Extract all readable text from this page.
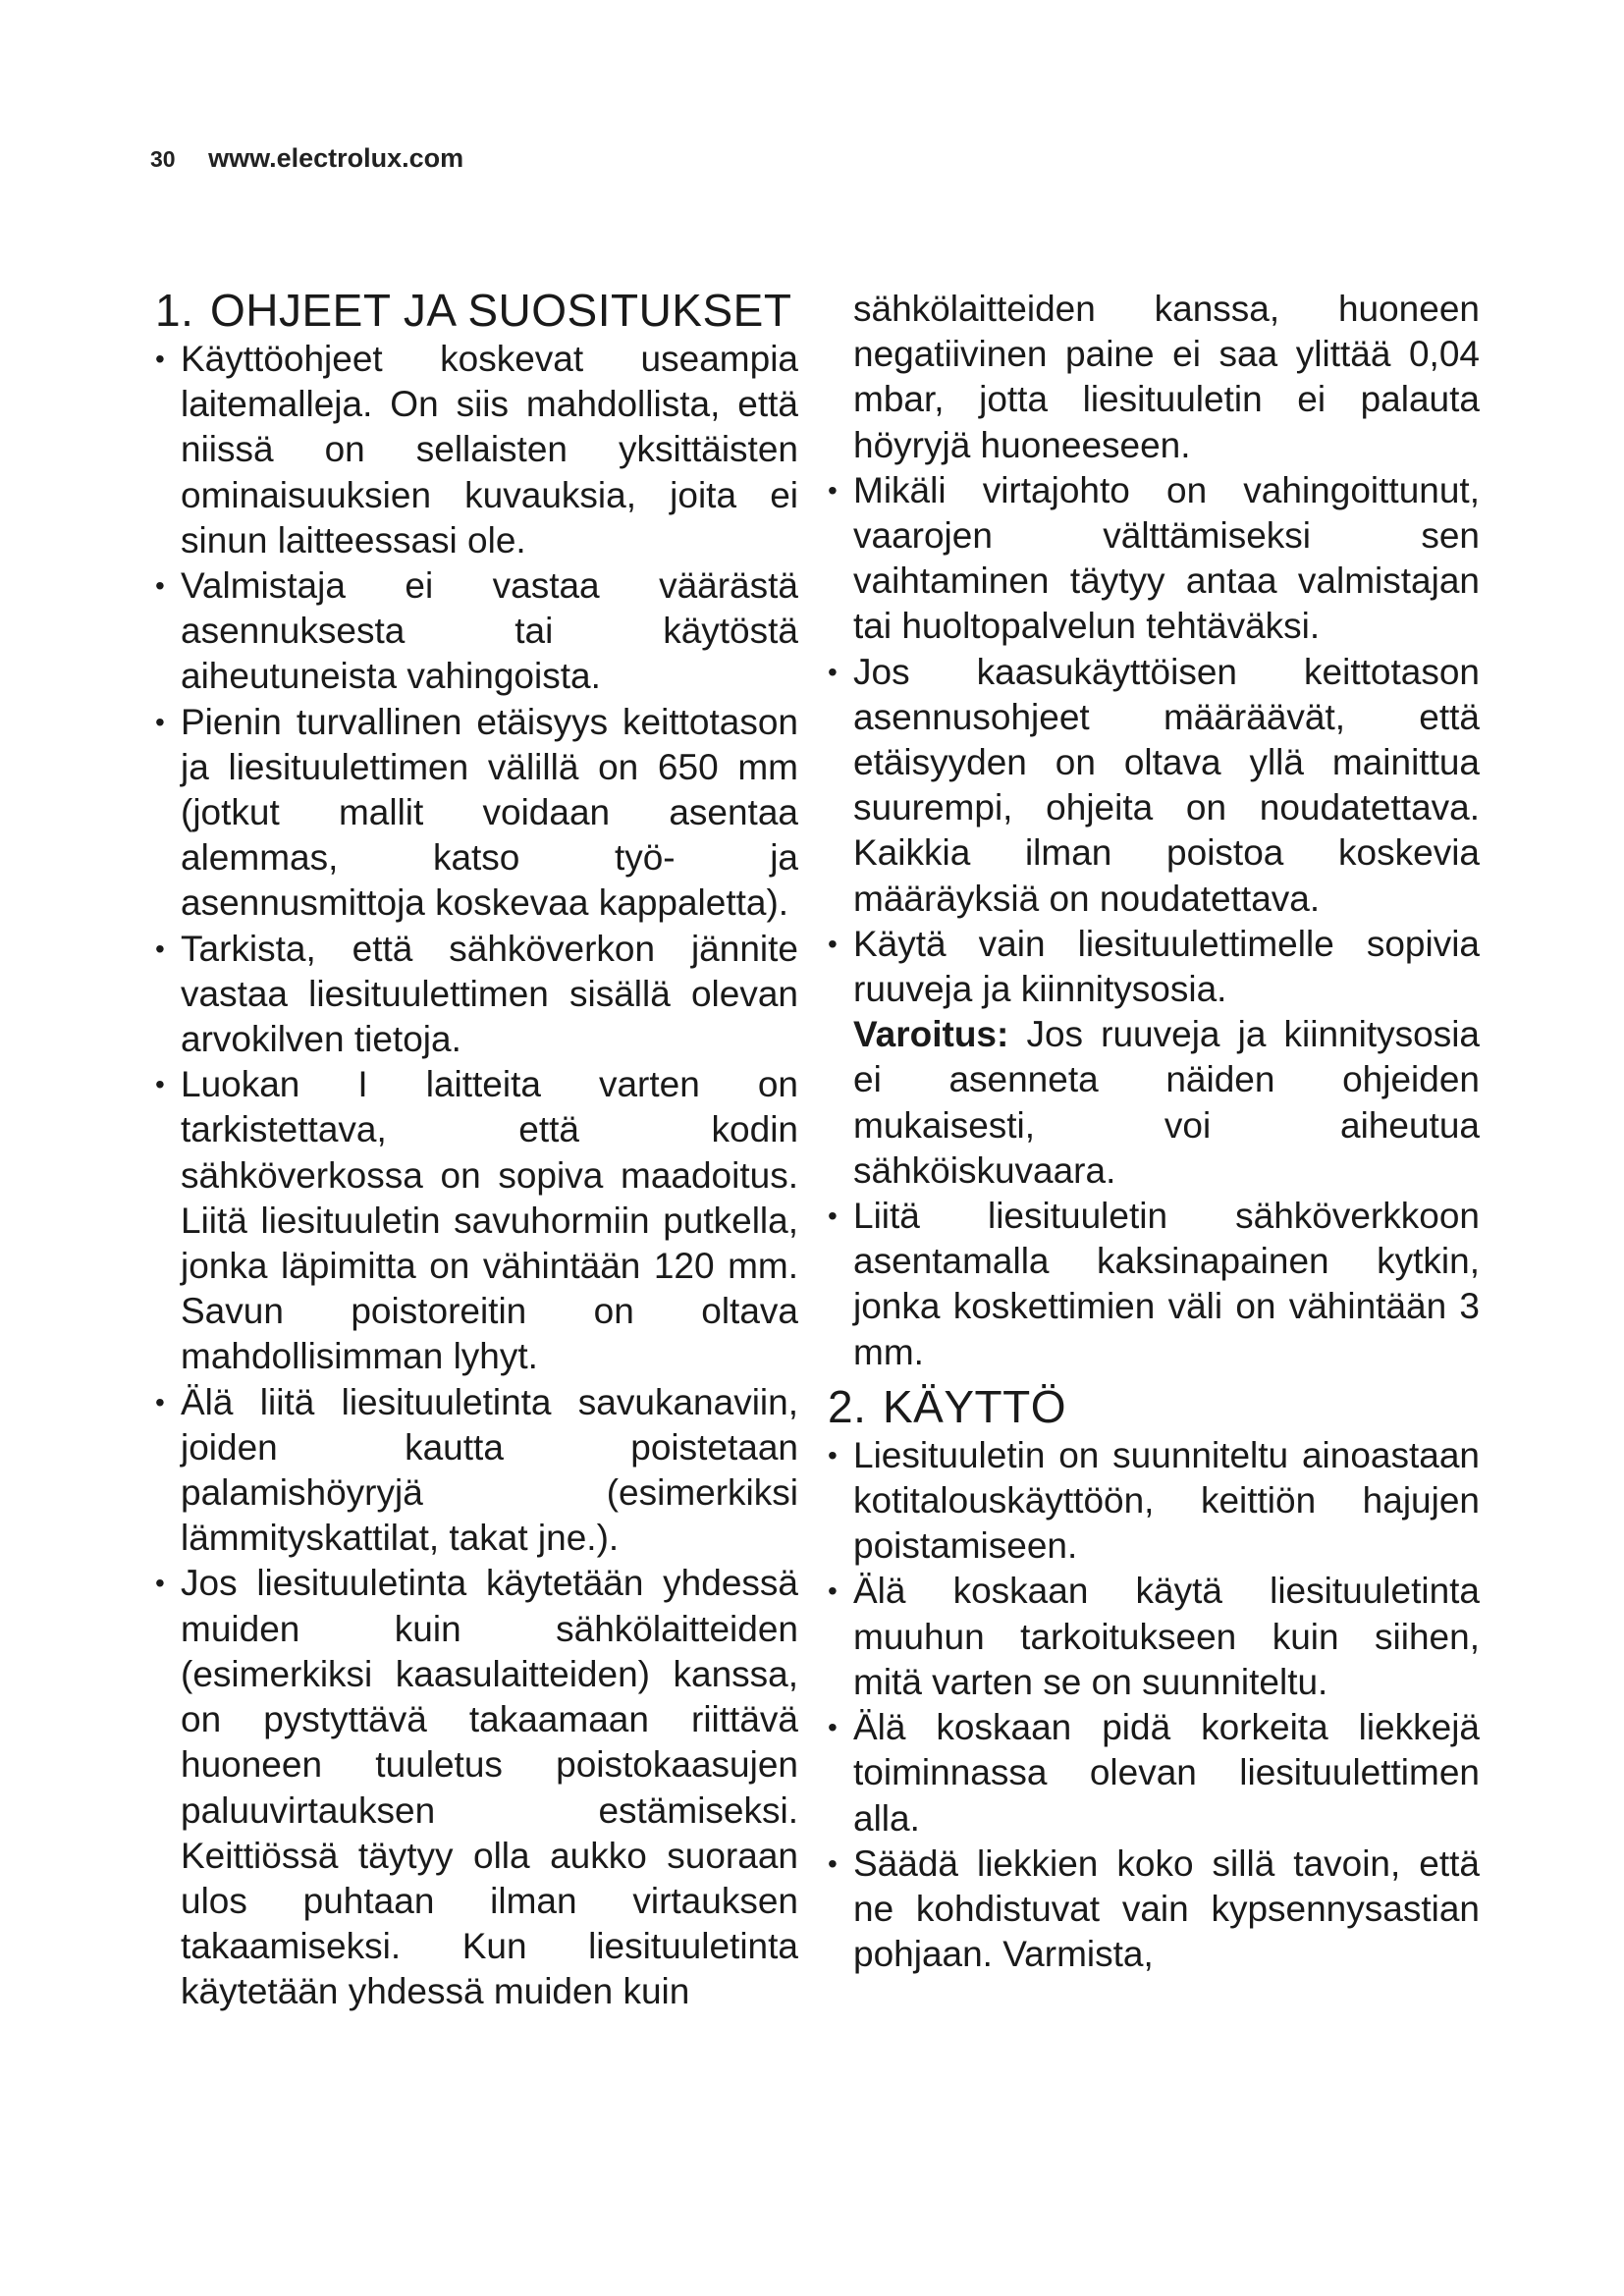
30 www.electrolux.com
1. OHJEET JA SUOSITUKSET
• Käyttöohjeet koskevat useampia laitemalleja. On siis mahdollista, että niissä on sellaisten yksittäisten ominaisuuksien kuvauksia, joita ei sinun laitteessasi ole.
• Valmistaja ei vastaa väärästä asennuksesta tai käytöstä aiheutuneista vahingoista.
• Pienin turvallinen etäisyys keittotason ja liesituulettimen välillä on 650 mm (jotkut mallit voidaan asentaa alemmas, katso työ- ja asennusmittoja koskevaa kappaletta).
• Tarkista, että sähköverkon jännite vastaa liesituulettimen sisällä olevan arvokilven tietoja.
• Luokan I laitteita varten on tarkistettava, että kodin sähköverkossa on sopiva maadoitus. Liitä liesituuletin savuhormiin putkella, jonka läpimitta on vähintään 120 mm. Savun poistoreitin on oltava mahdollisimman lyhyt.
• Älä liitä liesituuletinta savukanaviin, joiden kautta poistetaan palamishöyryjä (esimerkiksi lämmityskattilat, takat jne.).
• Jos liesituuletinta käytetään yhdessä muiden kuin sähkölaitteiden (esimerkiksi kaasulaitteiden) kanssa, on pystyttävä takaamaan riittävä huoneen tuuletus poistokaasujen paluuvirtauksen estämiseksi. Keittiössä täytyy olla aukko suoraan ulos puhtaan ilman virtauksen takaamiseksi. Kun liesituuletinta käytetään yhdessä muiden kuin

sähkölaitteiden kanssa, huoneen negatiivinen paine ei saa ylittää 0,04 mbar, jotta liesituuletin ei palauta höyryjä huoneeseen.

• Mikäli virtajohto on vahingoittunut, vaarojen välttämiseksi sen vaihtaminen täytyy antaa valmistajan tai huoltopalvelun tehtäväksi.
• Jos kaasukäyttöisen keittotason asennusohjeet määräävät, että etäisyyden on oltava yllä mainittua suurempi, ohjeita on noudatettava. Kaikkia ilman poistoa koskevia määräyksiä on noudatettava.
• Käytä vain liesituulettimelle sopivia ruuveja ja kiinnitysosia.

Varoitus: Jos ruuveja ja kiinnitysosia ei asenneta näiden ohjeiden mukaisesti, voi aiheutua sähköiskuvaara.

• Liitä liesituuletin sähköverkkoon asentamalla kaksinapainen kytkin, jonka koskettimien väli on vähintään 3 mm.
2. KÄYTTÖ
• Liesituuletin on suunniteltu ainoastaan kotitalouskäyttöön, keittiön hajujen poistamiseen.
• Älä koskaan käytä liesituuletinta muuhun tarkoitukseen kuin siihen, mitä varten se on suunniteltu.
• Älä koskaan pidä korkeita liekkejä toiminnassa olevan liesituulettimen alla.
• Säädä liekkien koko sillä tavoin, että ne kohdistuvat vain kypsennysastian pohjaan. Varmista,
